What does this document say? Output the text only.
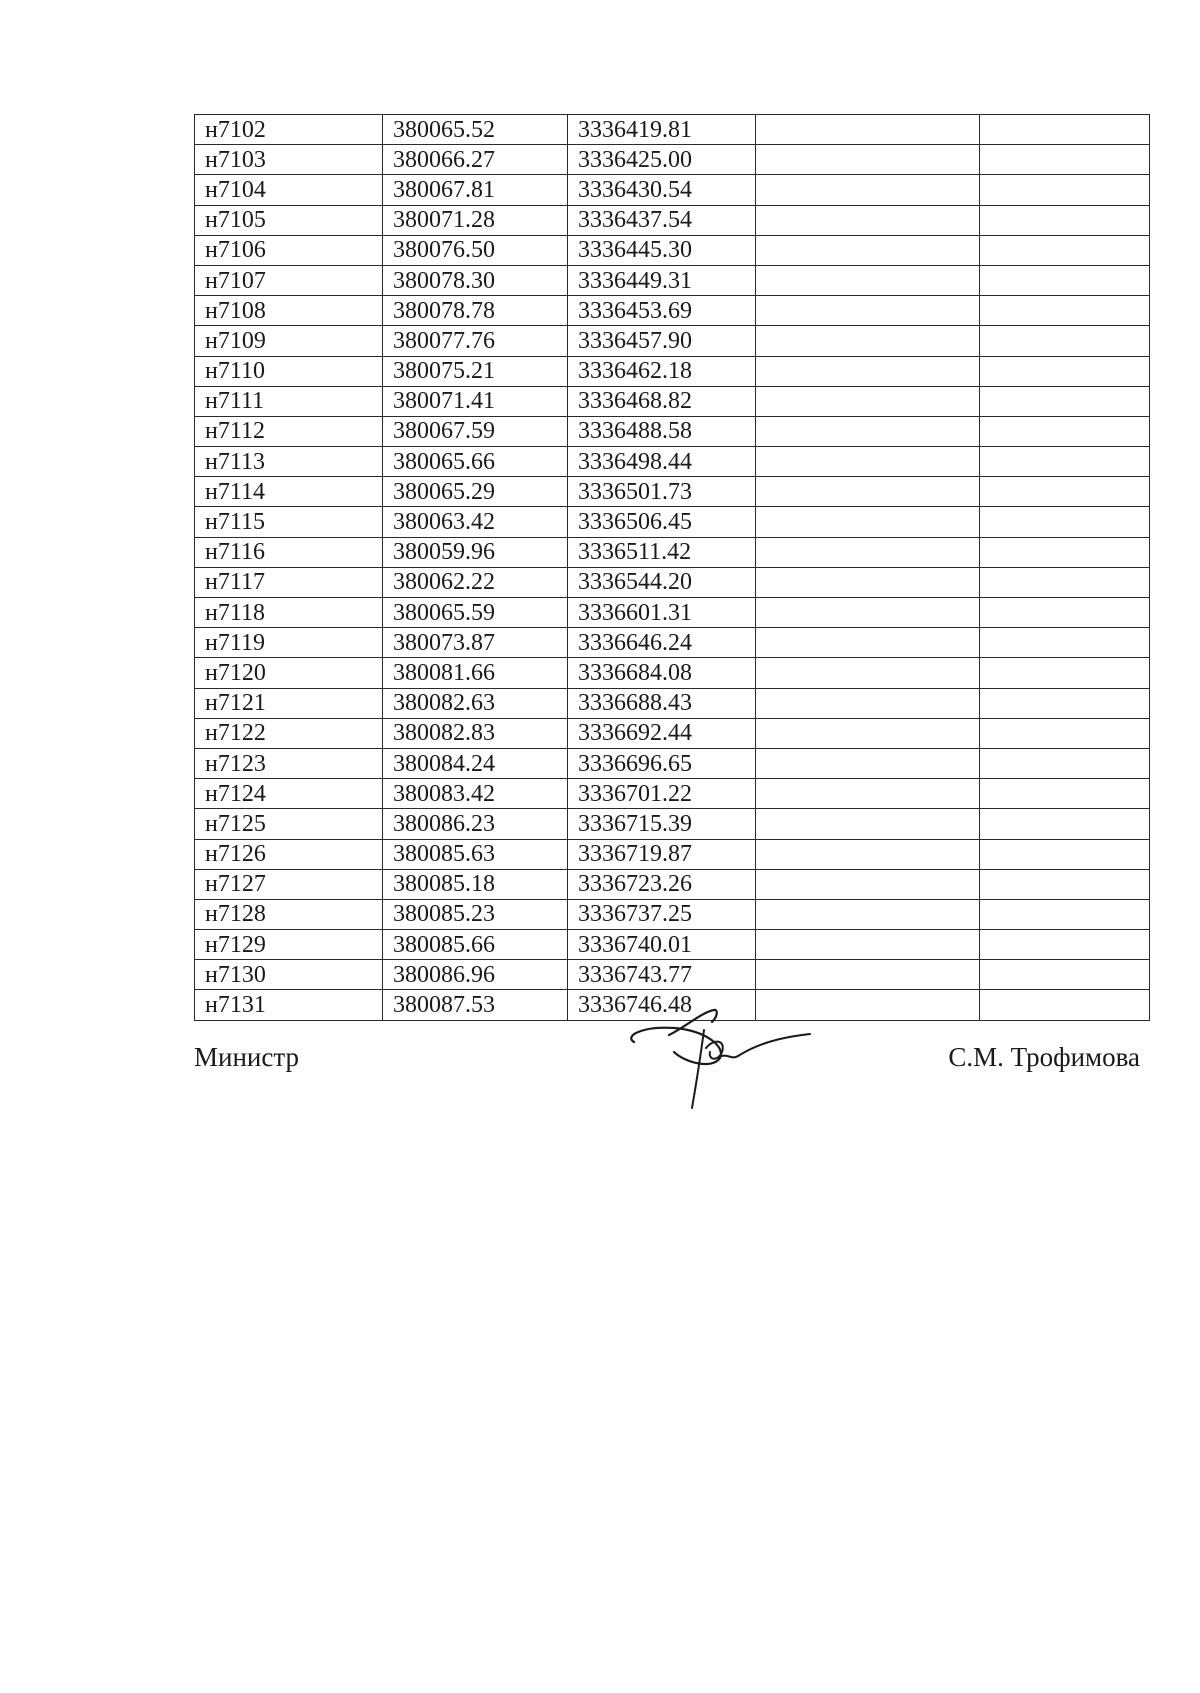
н7102	380065.52	3336419.81		
н7103	380066.27	3336425.00		
н7104	380067.81	3336430.54		
н7105	380071.28	3336437.54		
н7106	380076.50	3336445.30		
н7107	380078.30	3336449.31		
н7108	380078.78	3336453.69		
н7109	380077.76	3336457.90		
н7110	380075.21	3336462.18		
н7111	380071.41	3336468.82		
н7112	380067.59	3336488.58		
н7113	380065.66	3336498.44		
н7114	380065.29	3336501.73		
н7115	380063.42	3336506.45		
н7116	380059.96	3336511.42		
н7117	380062.22	3336544.20		
н7118	380065.59	3336601.31		
н7119	380073.87	3336646.24		
н7120	380081.66	3336684.08		
н7121	380082.63	3336688.43		
н7122	380082.83	3336692.44		
н7123	380084.24	3336696.65		
н7124	380083.42	3336701.22		
н7125	380086.23	3336715.39		
н7126	380085.63	3336719.87		
н7127	380085.18	3336723.26		
н7128	380085.23	3336737.25		
н7129	380085.66	3336740.01		
н7130	380086.96	3336743.77		
н7131	380087.53	3336746.48		
Министр	С.М. Трофимова
